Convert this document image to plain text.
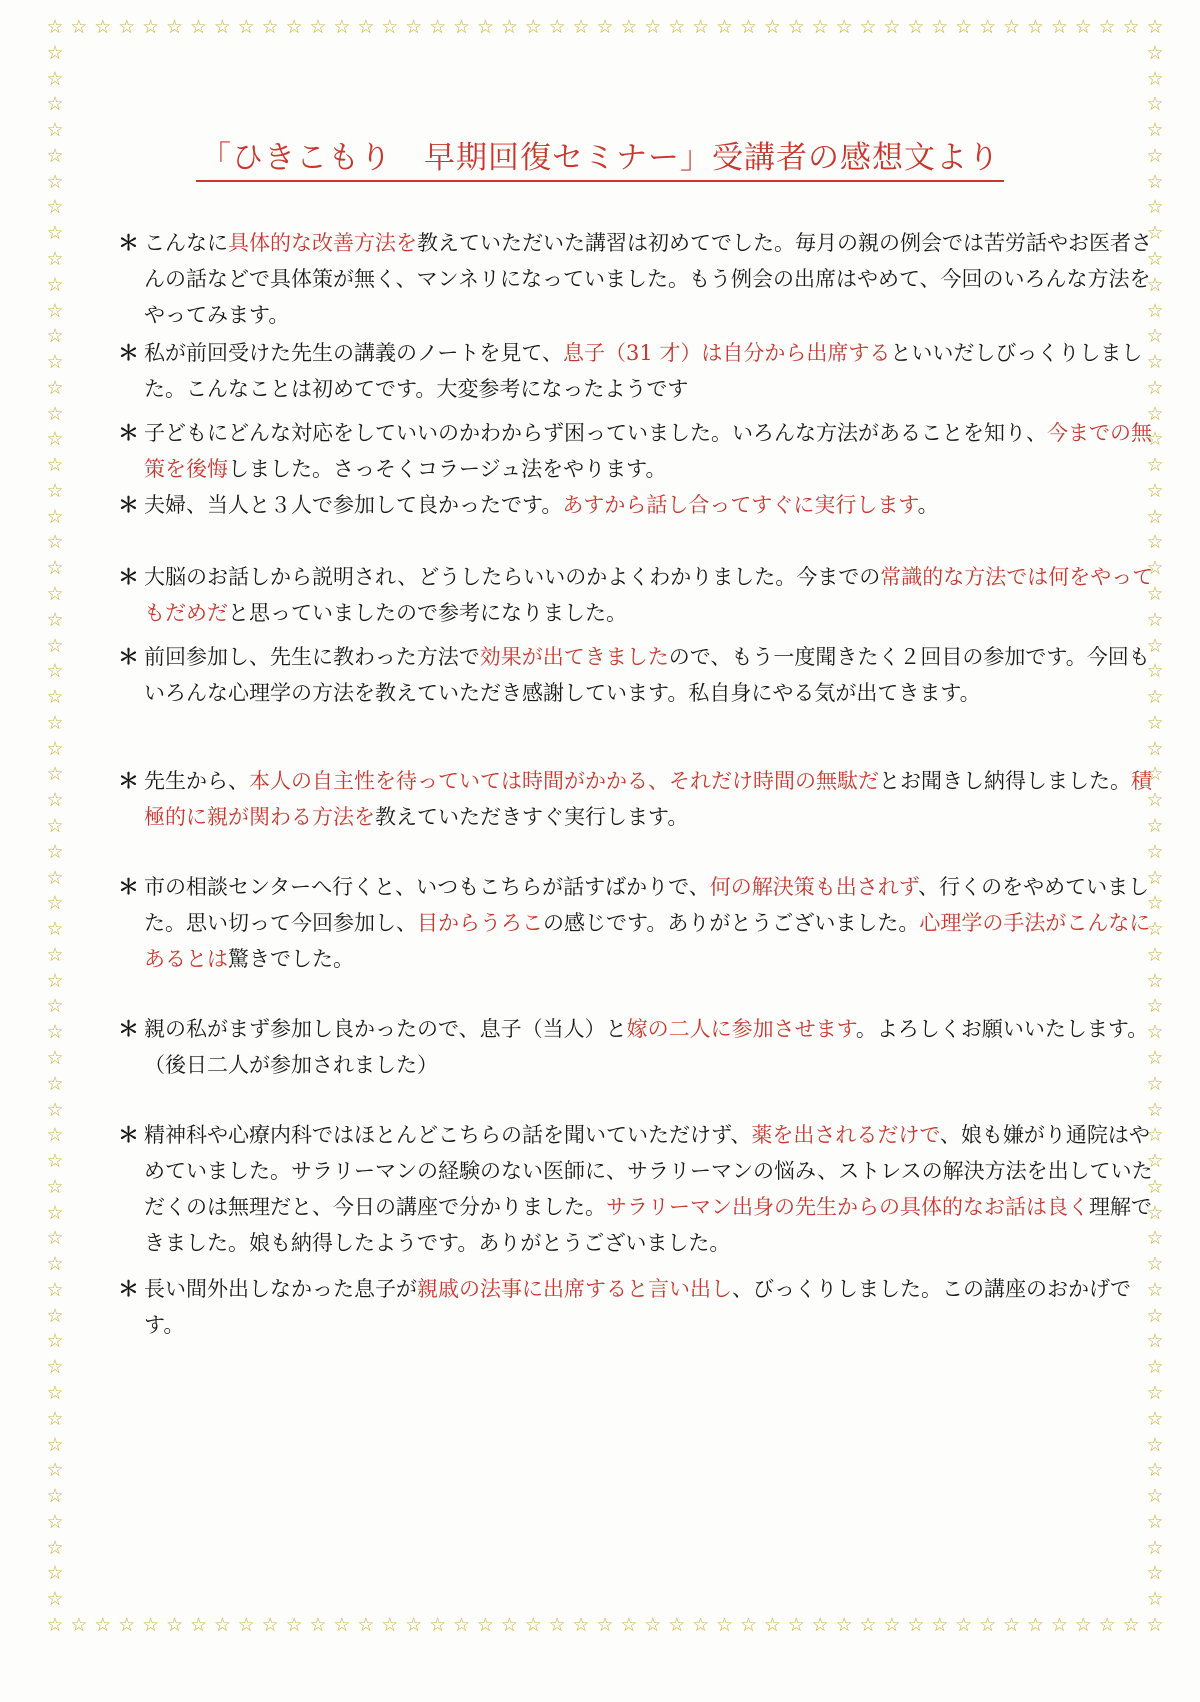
☆
☆
☆
☆
☆
☆
☆
☆
☆
☆
☆
☆
☆
☆
☆
☆
☆
☆
☆
☆
☆
☆
☆
☆
☆
☆
☆
☆
☆
☆
☆
☆
☆
☆
☆
☆
☆
☆
☆
☆
☆
☆
☆
☆
☆
☆
☆
☆
☆
☆
☆
☆
☆
☆
☆
☆
☆
☆
☆
☆
☆
☆
☆
☆
☆
☆
☆
☆
☆
☆
☆
☆
☆
☆
☆
☆
☆
☆
☆
☆
☆
☆
☆
☆
☆
☆
☆
☆
☆
☆
☆
☆
☆
☆
☆	☆
☆	☆
☆	☆
☆	☆
☆	☆
☆	☆
☆	☆
☆	☆
☆	☆
☆	☆
☆	☆
☆	☆
☆	☆
☆	☆
☆	☆
☆	☆
☆	☆
☆	☆
☆	☆
☆	☆
☆	☆
☆	☆
☆	☆
☆	☆
☆	☆
☆	☆
☆	☆
☆	☆
☆	☆
☆	☆
☆	☆
☆	☆
☆	☆
☆	☆
☆	☆
☆	☆
☆	☆
☆	☆
☆	☆
☆	☆
☆	☆
☆	☆
☆	☆
☆	☆
☆	☆
☆	☆
☆	☆
☆	☆
☆	☆
☆	☆
☆	☆
☆	☆
☆	☆
☆	☆
☆	☆
☆	☆
☆	☆
☆	☆
☆	☆
☆	☆
☆	☆
「ひきこもり　早期回復セミナー」受講者の感想文より

＊ こんなに具体的な改善方法を教えていただいた講習は初めてでした。毎月の親の例会では苦労話やお医者さんの話などで具体策が無く、マンネリになっていました。もう例会の出席はやめて、今回のいろんな方法をやってみます。

＊ 私が前回受けた先生の講義のノートを見て、息子（31 才）は自分から出席するといいだしびっくりしました。こんなことは初めてです。大変参考になったようです

＊ 子どもにどんな対応をしていいのかわからず困っていました。いろんな方法があることを知り、今までの無策を後悔しました。さっそくコラージュ法をやります。

＊ 夫婦、当人と３人で参加して良かったです。あすから話し合ってすぐに実行します。

＊ 大脳のお話しから説明され、どうしたらいいのかよくわかりました。今までの常識的な方法では何をやってもだめだと思っていましたので参考になりました。

＊ 前回参加し、先生に教わった方法で効果が出てきましたので、もう一度聞きたく２回目の参加です。今回もいろんな心理学の方法を教えていただき感謝しています。私自身にやる気が出てきます。

＊ 先生から、本人の自主性を待っていては時間がかかる、それだけ時間の無駄だとお聞きし納得しました。積極的に親が関わる方法を教えていただきすぐ実行します。

＊ 市の相談センターへ行くと、いつもこちらが話すばかりで、何の解決策も出されず、行くのをやめていました。思い切って今回参加し、目からうろこの感じです。ありがとうございました。心理学の手法がこんなにあるとは驚きでした。

＊ 親の私がまず参加し良かったので、息子（当人）と嫁の二人に参加させます。よろしくお願いいたします。（後日二人が参加されました）

＊ 精神科や心療内科ではほとんどこちらの話を聞いていただけず、薬を出されるだけで、娘も嫌がり通院はやめていました。サラリーマンの経験のない医師に、サラリーマンの悩み、ストレスの解決方法を出していただくのは無理だと、今日の講座で分かりました。サラリーマン出身の先生からの具体的なお話は良く理解できました。娘も納得したようです。ありがとうございました。

＊ 長い間外出しなかった息子が親戚の法事に出席すると言い出し、びっくりしました。この講座のおかげです。
